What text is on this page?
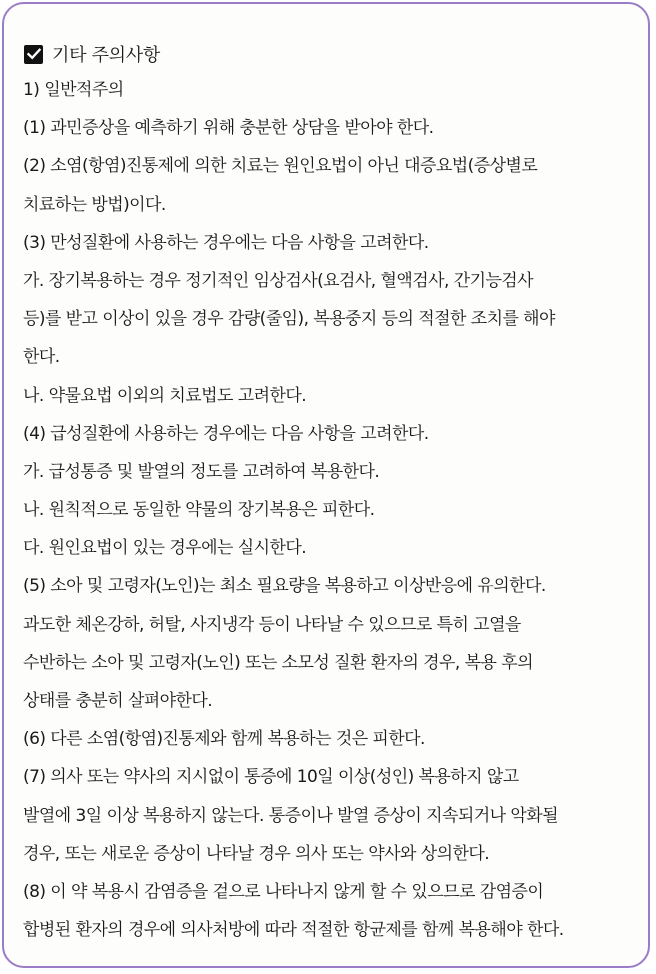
기타 주의사항
1) 일반적주의
(1) 과민증상을 예측하기 위해 충분한 상담을 받아야 한다.
(2) 소염(항염)진통제에 의한 치료는 원인요법이 아닌 대증요법(증상별로
치료하는 방법)이다.
(3) 만성질환에 사용하는 경우에는 다음 사항을 고려한다.
가. 장기복용하는 경우 정기적인 임상검사(요검사, 혈액검사, 간기능검사
등)를 받고 이상이 있을 경우 감량(줄임), 복용중지 등의 적절한 조치를 해야
한다.
나. 약물요법 이외의 치료법도 고려한다.
(4) 급성질환에 사용하는 경우에는 다음 사항을 고려한다.
가. 급성통증 및 발열의 정도를 고려하여 복용한다.
나. 원칙적으로 동일한 약물의 장기복용은 피한다.
다. 원인요법이 있는 경우에는 실시한다.
(5) 소아 및 고령자(노인)는 최소 필요량을 복용하고 이상반응에 유의한다.
과도한 체온강하, 허탈, 사지냉각 등이 나타날 수 있으므로 특히 고열을
수반하는 소아 및 고령자(노인) 또는 소모성 질환 환자의 경우, 복용 후의
상태를 충분히 살펴야한다.
(6) 다른 소염(항염)진통제와 함께 복용하는 것은 피한다.
(7) 의사 또는 약사의 지시없이 통증에 10일 이상(성인) 복용하지 않고
발열에 3일 이상 복용하지 않는다. 통증이나 발열 증상이 지속되거나 악화될
경우, 또는 새로운 증상이 나타날 경우 의사 또는 약사와 상의한다.
(8) 이 약 복용시 감염증을 겉으로 나타나지 않게 할 수 있으므로 감염증이
합병된 환자의 경우에 의사처방에 따라 적절한 항균제를 함께 복용해야 한다.
